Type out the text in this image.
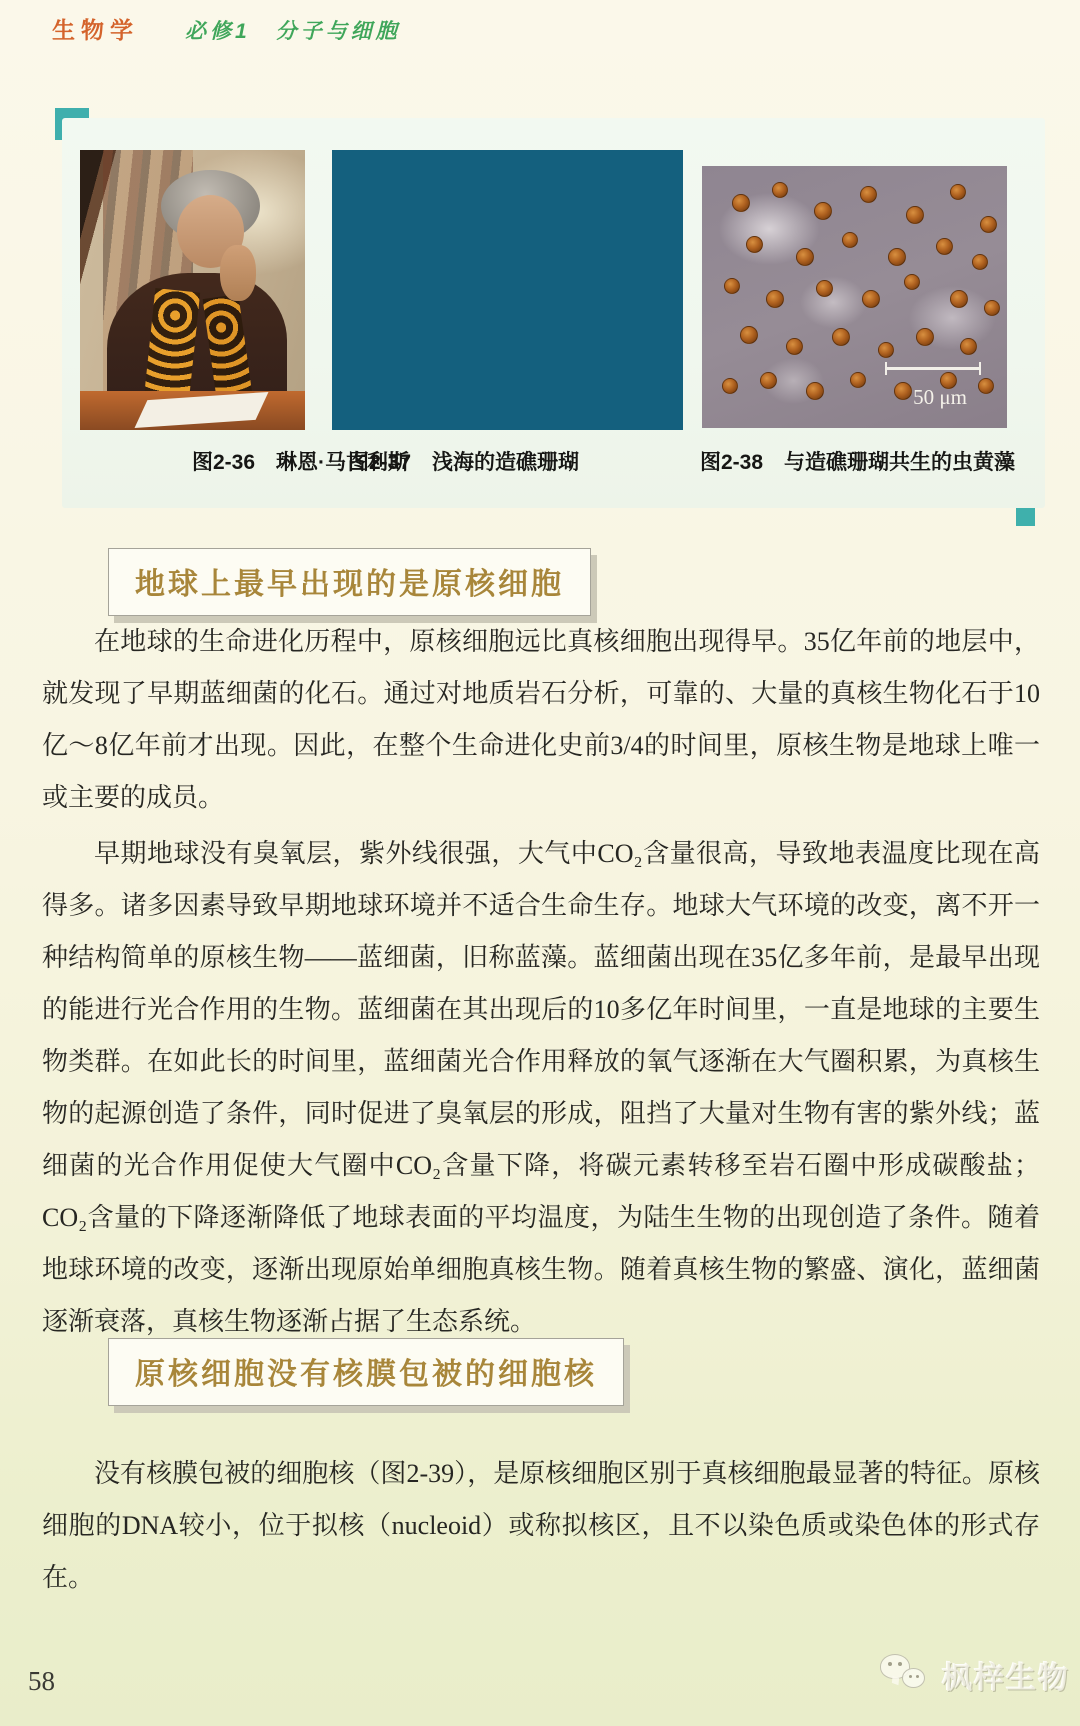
生物学 必修1　分子与细胞
50 μm
图2-36　琳恩·马古利斯
图2-37　浅海的造礁珊瑚	图2-38　与造礁珊瑚共生的虫黄藻
地球上最早出现的是原核细胞
在地球的生命进化历程中，原核细胞远比真核细胞出现得早。35亿年前的地层中，就发现了早期蓝细菌的化石。通过对地质岩石分析，可靠的、大量的真核生物化石于10亿～8亿年前才出现。因此，在整个生命进化史前3/4的时间里，原核生物是地球上唯一或主要的成员。
早期地球没有臭氧层，紫外线很强，大气中CO₂含量很高，导致地表温度比现在高得多。诸多因素导致早期地球环境并不适合生命生存。地球大气环境的改变，离不开一种结构简单的原核生物——蓝细菌，旧称蓝藻。蓝细菌出现在35亿多年前，是最早出现的能进行光合作用的生物。蓝细菌在其出现后的10多亿年时间里，一直是地球的主要生物类群。在如此长的时间里，蓝细菌光合作用释放的氧气逐渐在大气圈积累，为真核生物的起源创造了条件，同时促进了臭氧层的形成，阻挡了大量对生物有害的紫外线；蓝细菌的光合作用促使大气圈中CO₂含量下降，将碳元素转移至岩石圈中形成碳酸盐；CO₂含量的下降逐渐降低了地球表面的平均温度，为陆生生物的出现创造了条件。随着地球环境的改变，逐渐出现原始单细胞真核生物。随着真核生物的繁盛、演化，蓝细菌逐渐衰落，真核生物逐渐占据了生态系统。
原核细胞没有核膜包被的细胞核
没有核膜包被的细胞核（图2-39），是原核细胞区别于真核细胞最显著的特征。原核细胞的DNA较小，位于拟核（nucleoid）或称拟核区，且不以染色质或染色体的形式存在。
58	枫梓生物
